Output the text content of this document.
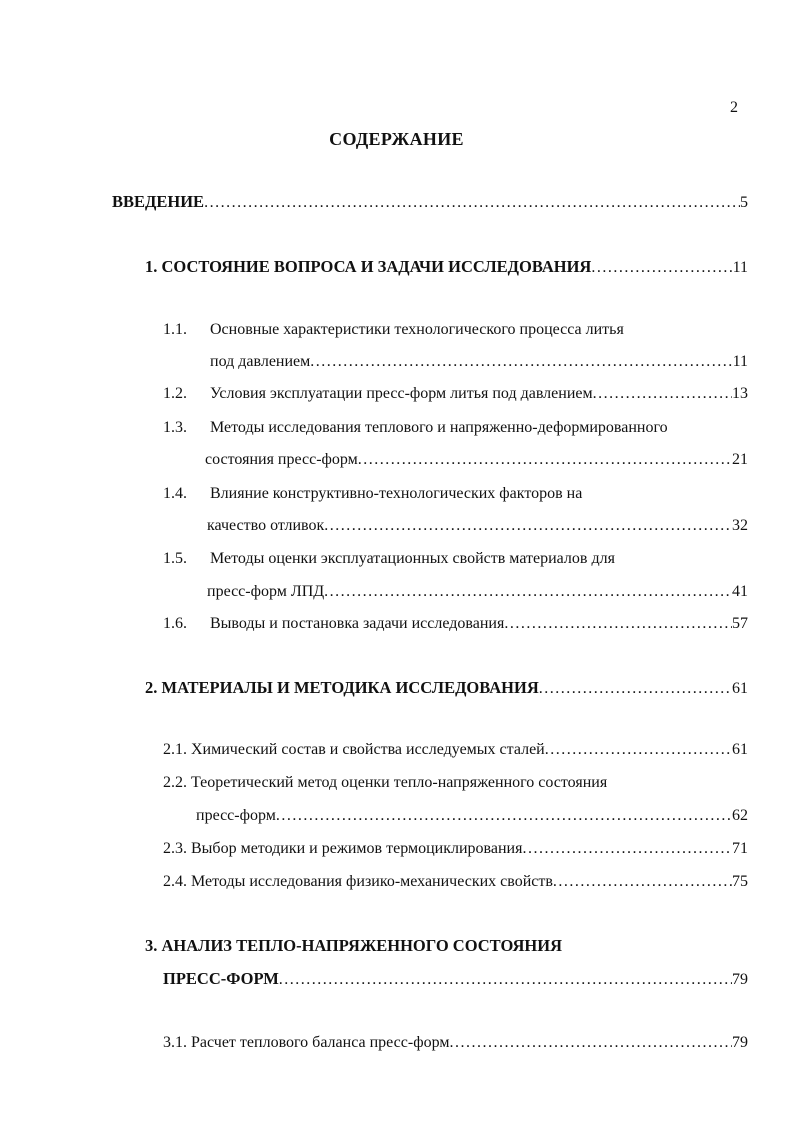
2
СОДЕРЖАНИЕ
ВВЕДЕНИЕ .....	5
1. СОСТОЯНИЕ ВОПРОСА И ЗАДАЧИ ИССЛЕДОВАНИЯ .....	11
1.1. Основные характеристики технологического процесса литья
под давлением .....	11
1.2.	Условия эксплуатации пресс-форм литья под давлением .....	13
1.3. Методы исследования теплового и напряженно-деформированного
состояния пресс-форм .....	21
1.4. Влияние конструктивно-технологических факторов на
качество отливок .....	32
1.5. Методы оценки эксплуатационных свойств материалов для
пресс-форм ЛПД .....	41
1.6.	Выводы и постановка задачи исследования .....	57
2. МАТЕРИАЛЫ И МЕТОДИКА ИССЛЕДОВАНИЯ .....	61
2.1. Химический состав и свойства исследуемых сталей .....	61
2.2. Теоретический метод оценки тепло-напряженного состояния
пресс-форм .....	62
2.3. Выбор методики и режимов термоциклирования .....	71
2.4. Методы исследования физико-механических свойств .....	75
3. АНАЛИЗ ТЕПЛО-НАПРЯЖЕННОГО СОСТОЯНИЯ
ПРЕСС-ФОРМ .....	79
3.1. Расчет теплового баланса пресс-форм .....	79
